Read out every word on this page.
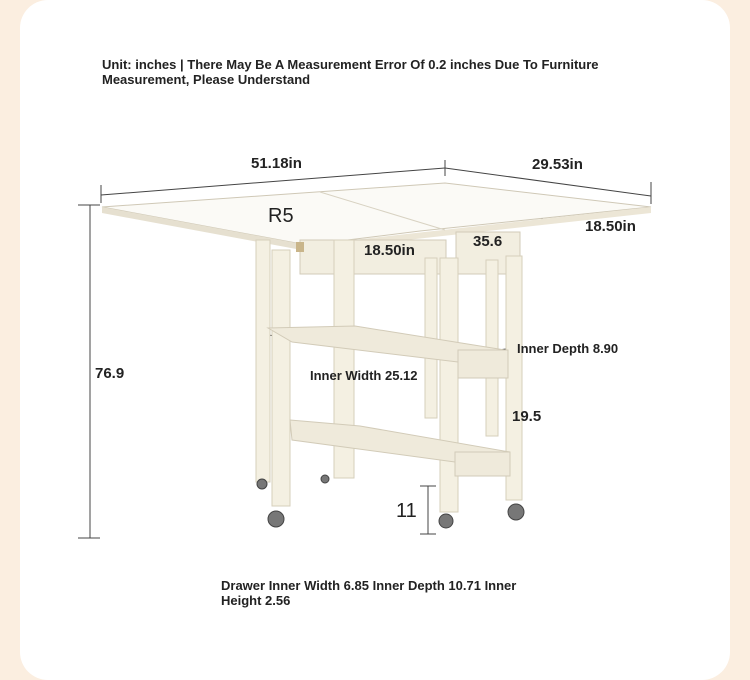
Unit: inches | There May Be A Measurement Error Of 0.2 inches Due To Furniture Measurement, Please Understand
51.18in	29.53in
R5
18.50in
35.6
18.50in
Inner Depth 8.90
Inner Width 25.12
76.9
19.5
11
Drawer Inner Width 6.85 Inner Depth 10.71 Inner Height 2.56
